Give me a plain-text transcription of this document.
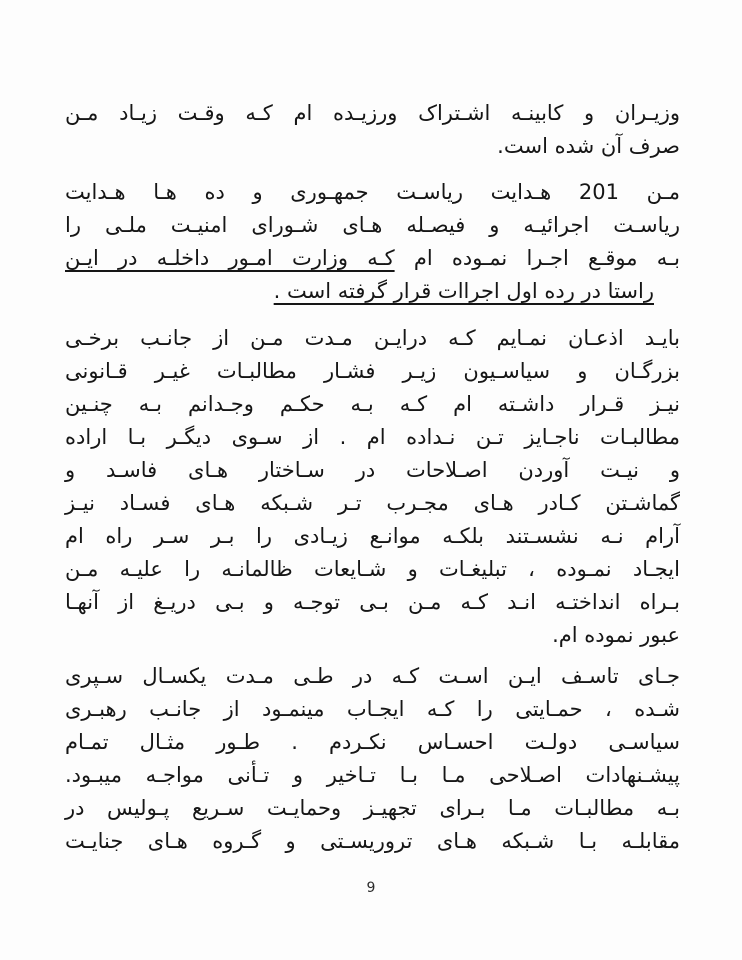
وزیـران و کابینـه اشـتراک ورزیـده ام کـه وقـت زیـاد مـن
صرف آن شده است.
مـن 201 هـدایت ریاسـت جمهـوری و ده هـا هـدایت
ریاسـت اجرائیـه و فیصـله هـای شـورای امنیـت ملـی را
بـه موقـع اجـرا نمـوده ام کـه وزارت امـور داخلـه در ایـن
راستا در رده اول اجراات قرار گرفته است .
بایـد اذعـان نمـایم کـه درایـن مـدت مـن از جانـب برخـی
بزرگـان و سیاسـیون زیـر فشـار مطالبـات غیـر قـانونی
نیـز قـرار داشـته ام کـه بـه حکـم وجـدانم بـه چنـین
مطالبـات ناجـایز تـن نـداده ام . از سـوی دیگـر بـا اراده
و نیـت آوردن اصـلاحات در سـاختار هـای فاسـد و
گماشـتن کـادر هـای مجـرب تـر شـبکه هـای فسـاد نیـز
آرام نـه نشسـتند بلکـه موانـع زیـادی را بـر سـر راه ام
ایجـاد نمـوده ، تبلیغـات و شـایعات ظالمانـه را علیـه مـن
بـراه انداختـه انـد کـه مـن بـی توجـه و بـی دریـغ از آنهـا
عبور نموده ام.
جـای تاسـف ایـن اسـت کـه در طـی مـدت یکسـال سـپری
شـده ، حمـایتی را کـه ایجـاب مینمـود از جانـب رهبـری
سیاسـی دولـت احسـاس نکـردم . طـور مثـال تمـام
پیشـنهادات اصـلاحی مـا بـا تـاخیر و تـأنی مواجـه میبـود.
بـه مطالبـات مـا بـرای تجهیـز وحمایـت سـریع پـولیس در
مقابلـه بـا شـبکه هـای تروریسـتی و گـروه هـای جنایـت
9
